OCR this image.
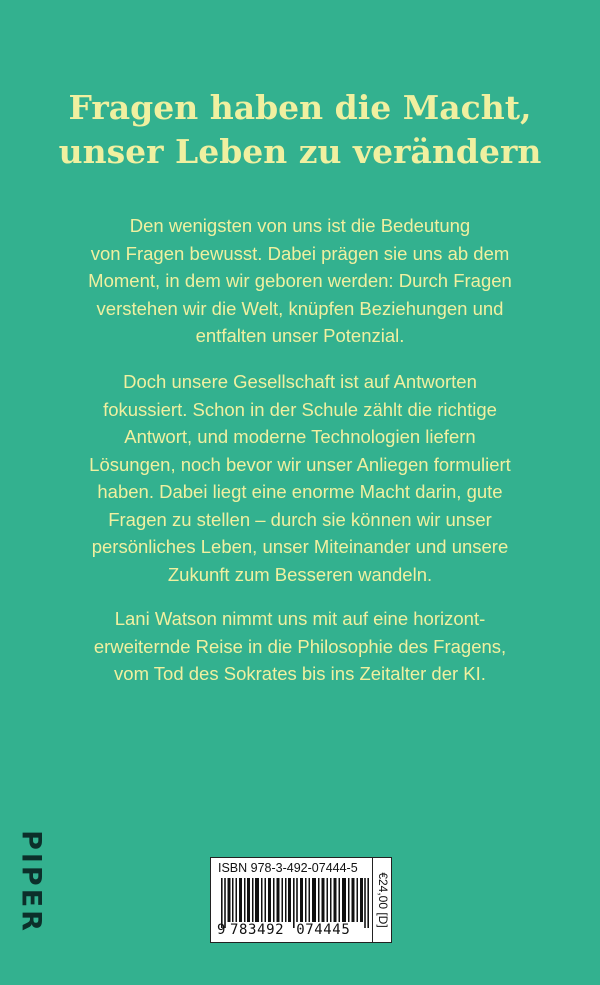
Fragen haben die Macht,
unser Leben zu verändern

Den wenigsten von uns ist die Bedeutung
von Fragen bewusst. Dabei prägen sie uns ab dem
Moment, in dem wir geboren werden: Durch Fragen
verstehen wir die Welt, knüpfen Beziehungen und
entfalten unser Potenzial.

Doch unsere Gesellschaft ist auf Antworten
fokussiert. Schon in der Schule zählt die richtige
Antwort, und moderne Technologien liefern
Lösungen, noch bevor wir unser Anliegen formuliert
haben. Dabei liegt eine enorme Macht darin, gute
Fragen zu stellen – durch sie können wir unser
persönliches Leben, unser Miteinander und unsere
Zukunft zum Besseren wandeln.

Lani Watson nimmt uns mit auf eine horizont-
erweiternde Reise in die Philosophie des Fragens,
vom Tod des Sokrates bis ins Zeitalter der KI.

PIPER	ISBN 978-3-492-07444-5
9 783492 074445
€24,00 [D]
